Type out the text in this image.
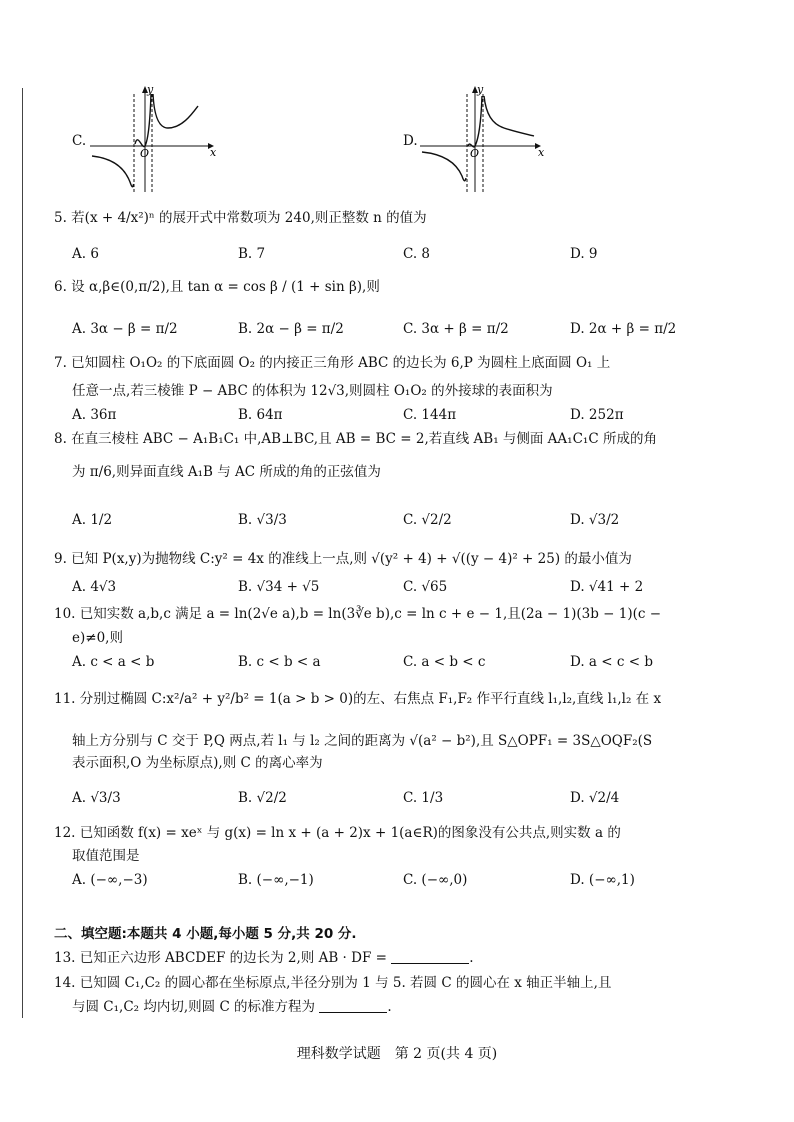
C.
y
x
O
D.
y
x
O
5. 若(x + 4/x²)ⁿ 的展开式中常数项为 240,则正整数 n 的值为
A. 6	B. 7	C. 8	D. 9
6. 设 α,β∈(0,π/2),且 tan α = cos β / (1 + sin β),则
A. 3α − β = π/2	B. 2α − β = π/2	C. 3α + β = π/2	D. 2α + β = π/2
7. 已知圆柱 O₁O₂ 的下底面圆 O₂ 的内接正三角形 ABC 的边长为 6,P 为圆柱上底面圆 O₁ 上
任意一点,若三棱锥 P − ABC 的体积为 12√3,则圆柱 O₁O₂ 的外接球的表面积为
A. 36π	B. 64π	C. 144π	D. 252π
8. 在直三棱柱 ABC − A₁B₁C₁ 中,AB⊥BC,且 AB = BC = 2,若直线 AB₁ 与侧面 AA₁C₁C 所成的角
为 π/6,则异面直线 A₁B 与 AC 所成的角的正弦值为
A. 1/2	B. √3/3	C. √2/2	D. √3/2
9. 已知 P(x,y)为抛物线 C:y² = 4x 的准线上一点,则 √(y² + 4) + √((y − 4)² + 25) 的最小值为
A. 4√3	B. √34 + √5	C. √65	D. √41 + 2
10. 已知实数 a,b,c 满足 a = ln(2√e a),b = ln(3∛e b),c = ln c + e − 1,且(2a − 1)(3b − 1)(c −
e)≠0,则
A. c < a < b	B. c < b < a	C. a < b < c	D. a < c < b
11. 分别过椭圆 C:x²/a² + y²/b² = 1(a > b > 0)的左、右焦点 F₁,F₂ 作平行直线 l₁,l₂,直线 l₁,l₂ 在 x
轴上方分别与 C 交于 P,Q 两点,若 l₁ 与 l₂ 之间的距离为 √(a² − b²),且 S△OPF₁ = 3S△OQF₂(S
表示面积,O 为坐标原点),则 C 的离心率为
A. √3/3	B. √2/2	C. 1/3	D. √2/4
12. 已知函数 f(x) = xeˣ 与 g(x) = ln x + (a + 2)x + 1(a∈R)的图象没有公共点,则实数 a 的
取值范围是
A. (−∞,−3)	B. (−∞,−1)	C. (−∞,0)	D. (−∞,1)
二、填空题:本题共 4 小题,每小题 5 分,共 20 分.
13. 已知正六边形 ABCDEF 的边长为 2,则 AB · DF =	.
14. 已知圆 C₁,C₂ 的圆心都在坐标原点,半径分别为 1 与 5. 若圆 C 的圆心在 x 轴正半轴上,且
与圆 C₁,C₂ 均内切,则圆 C 的标准方程为	.
理科数学试题　第 2 页(共 4 页)
